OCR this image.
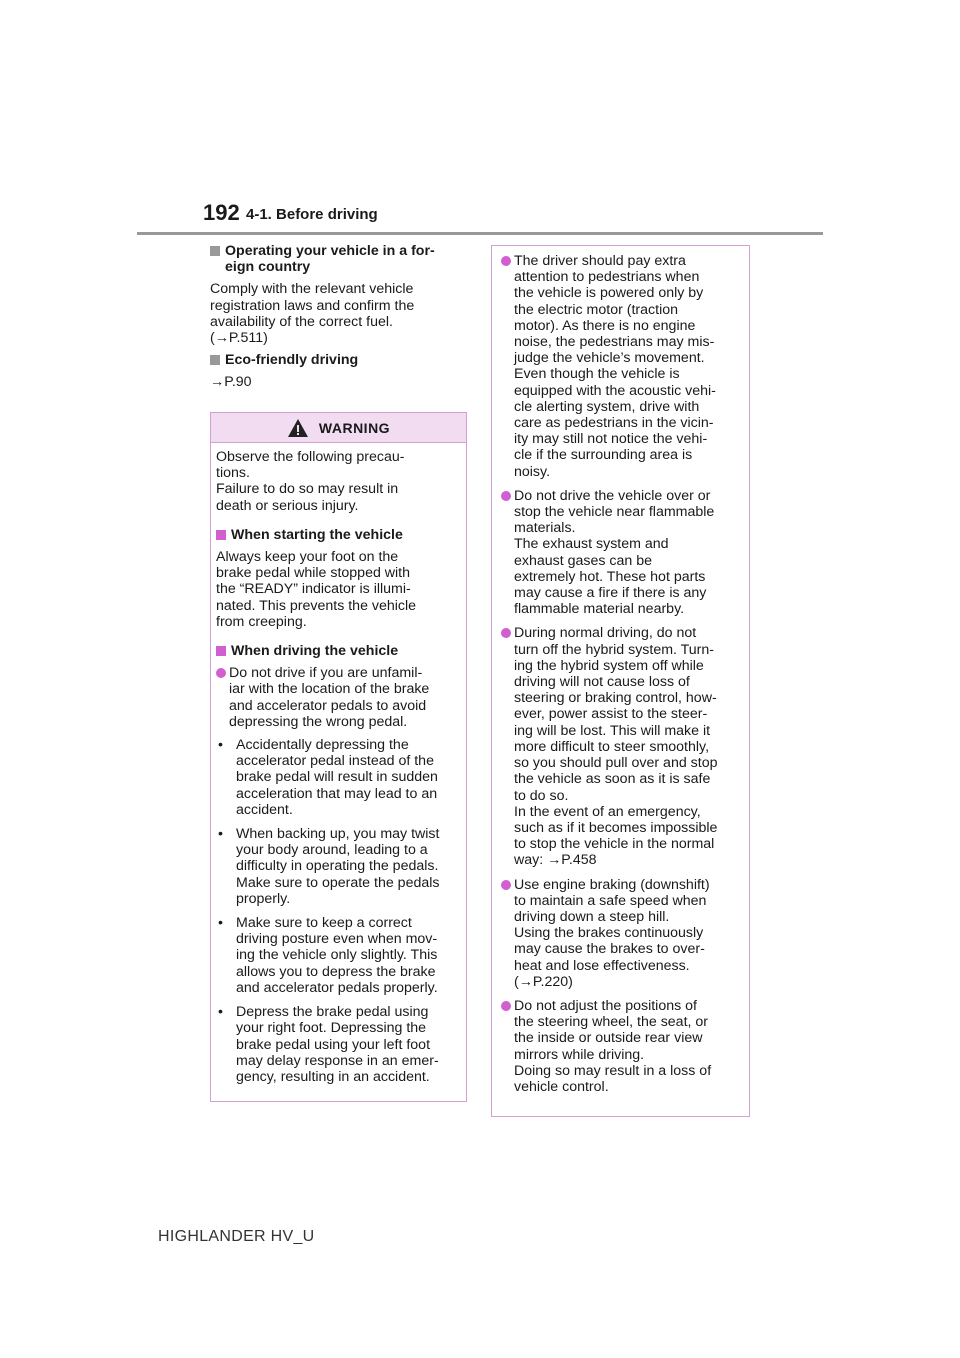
192 4-1. Before driving
Operating your vehicle in a for-
eign country

Comply with the relevant vehicle
registration laws and confirm the
availability of the correct fuel.
(→P.511)

Eco-friendly driving

→P.90

WARNING

Observe the following precau-
tions.
Failure to do so may result in
death or serious injury.

When starting the vehicle

Always keep your foot on the
brake pedal while stopped with
the “READY” indicator is illumi-
nated. This prevents the vehicle
from creeping.

When driving the vehicle
Do not drive if you are unfamil-
iar with the location of the brake
and accelerator pedals to avoid
depressing the wrong pedal.
• Accidentally depressing the
accelerator pedal instead of the
brake pedal will result in sudden
acceleration that may lead to an
accident.
• When backing up, you may twist
your body around, leading to a
difficulty in operating the pedals.
Make sure to operate the pedals
properly.
• Make sure to keep a correct
driving posture even when mov-
ing the vehicle only slightly. This
allows you to depress the brake
and accelerator pedals properly.
• Depress the brake pedal using
your right foot. Depressing the
brake pedal using your left foot
may delay response in an emer-
gency, resulting in an accident.
The driver should pay extra
attention to pedestrians when
the vehicle is powered only by
the electric motor (traction
motor). As there is no engine
noise, the pedestrians may mis-
judge the vehicle’s movement.
Even though the vehicle is
equipped with the acoustic vehi-
cle alerting system, drive with
care as pedestrians in the vicin-
ity may still not notice the vehi-
cle if the surrounding area is
noisy.
Do not drive the vehicle over or
stop the vehicle near flammable
materials.
The exhaust system and
exhaust gases can be
extremely hot. These hot parts
may cause a fire if there is any
flammable material nearby.
During normal driving, do not
turn off the hybrid system. Turn-
ing the hybrid system off while
driving will not cause loss of
steering or braking control, how-
ever, power assist to the steer-
ing will be lost. This will make it
more difficult to steer smoothly,
so you should pull over and stop
the vehicle as soon as it is safe
to do so.
In the event of an emergency,
such as if it becomes impossible
to stop the vehicle in the normal
way: →P.458
Use engine braking (downshift)
to maintain a safe speed when
driving down a steep hill.
Using the brakes continuously
may cause the brakes to over-
heat and lose effectiveness.
(→P.220)
Do not adjust the positions of
the steering wheel, the seat, or
the inside or outside rear view
mirrors while driving.
Doing so may result in a loss of
vehicle control.
HIGHLANDER HV_U
